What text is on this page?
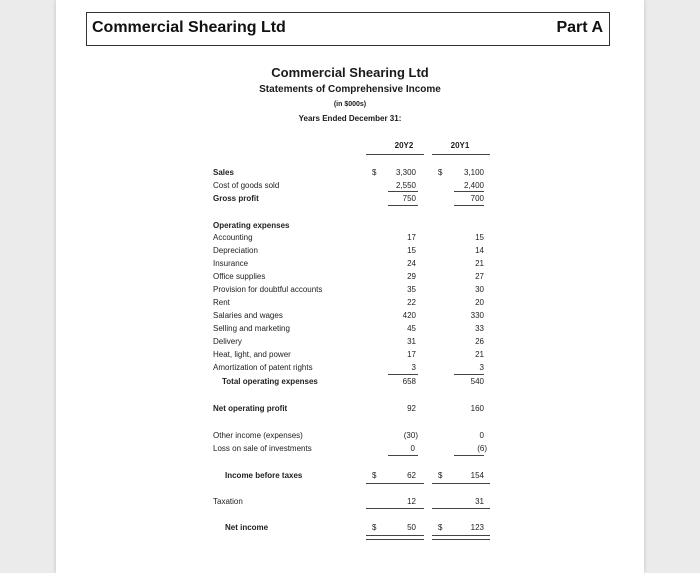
Commercial Shearing Ltd	Part A
Commercial Shearing Ltd
Statements of Comprehensive Income
(in $000s)
Years Ended December 31:
20Y2	20Y1
Sales	$	3,300	$	3,100
Cost of goods sold	2,550	2,400
Gross profit	750	700
Operating expenses
Accounting	17	15
Depreciation	15	14
Insurance	24	21
Office supplies	29	27
Provision for doubtful accounts	35	30
Rent	22	20
Salaries and wages	420	330
Selling and marketing	45	33
Delivery	31	26
Heat, light, and power	17	21
Amortization of patent rights	3	3
Total operating expenses	658	540
Net operating profit	92	160
Other income (expenses)	(30)	0
Loss on sale of investments	0	(6)
Income before taxes	$	62	$	154
Taxation	12	31
Net income	$	50	$	123
